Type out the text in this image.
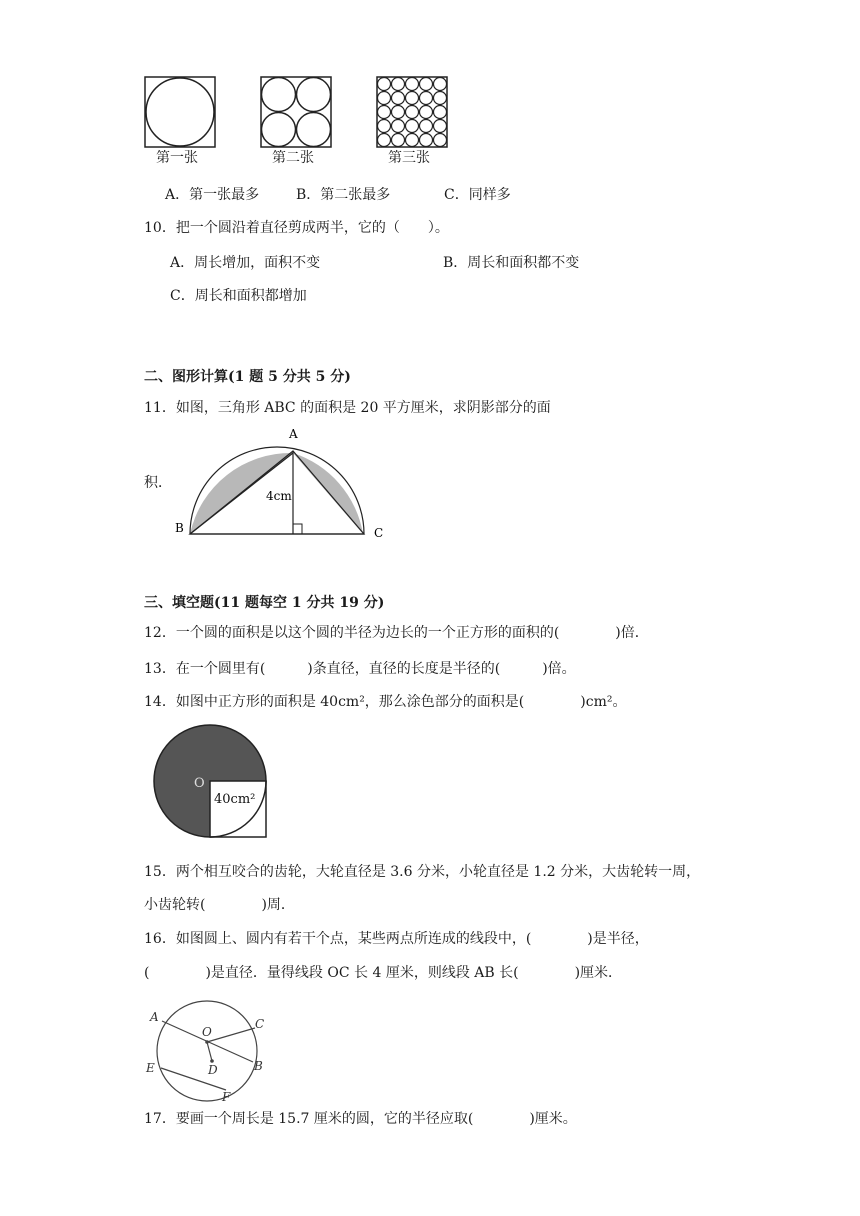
第一张	第二张	第三张
A．第一张最多	B．第二张最多	C．同样多
10．把一个圆沿着直径剪成两半，它的（　　）。
A．周长增加，面积不变	B．周长和面积都不变
C．周长和面积都增加
二、图形计算(1 题 5 分共 5 分)
11．如图，三角形 ABC 的面积是 20 平方厘米，求阴影部分的面
积．
A
B	C
4cm
三、填空题(11 题每空 1 分共 19 分)
12．一个圆的面积是以这个圆的半径为边长的一个正方形的面积的(　　　　)倍．
13．在一个圆里有(　　　)条直径，直径的长度是半径的(　　　)倍。
14．如图中正方形的面积是 40cm²，那么涂色部分的面积是(　　　　)cm²。
O
40cm²
15．两个相互咬合的齿轮，大轮直径是 3.6 分米，小轮直径是 1.2 分米，大齿轮转一周，
小齿轮转(　　　　)周．
16．如图圆上、圆内有若干个点，某些两点所连成的线段中，(　　　　)是半径，
(　　　　)是直径．量得线段 OC 长 4 厘米，则线段 AB 长(　　　　)厘米．
A
O
C
E	D	B
F
17．要画一个周长是 15.7 厘米的圆，它的半径应取(　　　　)厘米。
